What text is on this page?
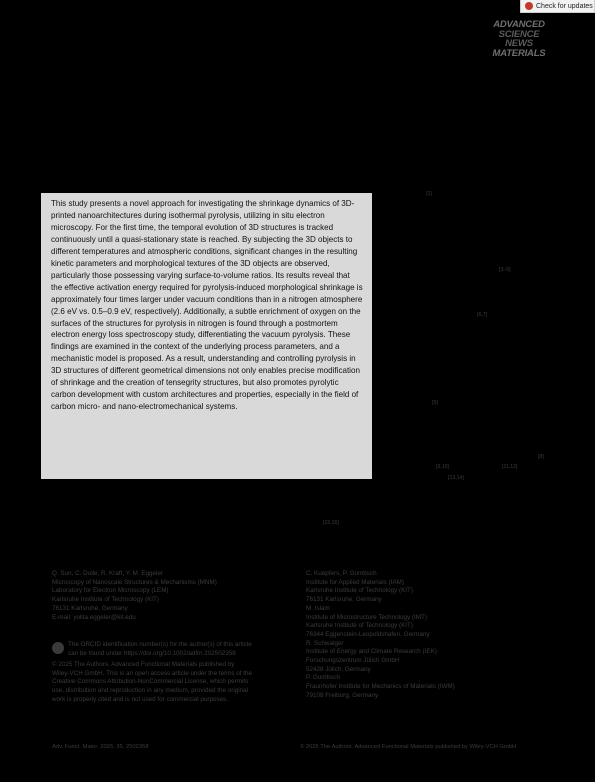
Check for updates
ADVANCED
SCIENCE NEWS
MATERIALS
This study presents a novel approach for investigating the shrinkage dynamics of 3D-printed nanoarchitectures during isothermal pyrolysis, utilizing in situ electron microscopy. For the first time, the temporal evolution of 3D structures is tracked continuously until a quasi-stationary state is reached. By subjecting the 3D objects to different temperatures and atmospheric conditions, significant changes in the resulting kinetic parameters and morphological textures of the 3D objects are observed, particularly those possessing varying surface-to-volume ratios. Its results reveal that the effective activation energy required for pyrolysis-induced morphological shrinkage is approximately four times larger under vacuum conditions than in a nitrogen atmosphere (2.6 eV vs. 0.5–0.9 eV, respectively). Additionally, a subtle enrichment of oxygen on the surfaces of the structures for pyrolysis in nitrogen is found through a postmortem electron energy loss spectroscopy study, differentiating the vacuum pyrolysis. These findings are examined in the context of the underlying process parameters, and a mechanistic model is proposed. As a result, understanding and controlling pyrolysis in 3D structures of different geometrical dimensions not only enables precise modification of shrinkage and the creation of tensegrity structures, but also promotes pyrolytic carbon development with custom architectures and properties, especially in the field of carbon micro- and nano-electromechanical systems.
[1]
[3–5]
[6,7]
[9]
[8]
[9,10]	[11,12]
[13,14]
[15,16]
Q. Sun, C. Dolle, R. Kraft, Y. M. Eggeler
Microscopy of Nanoscale Structures & Mechanisms (MNM)
Laboratory for Electron Microscopy (LEM)
Karlsruhe Institute of Technology (KIT)
76131 Karlsruhe, Germany
E-mail: yolita.eggeler@kit.edu
The ORCID identification number(s) for the author(s) of this article
can be found under https://doi.org/10.1002/adfm.202502358
© 2025 The Authors. Advanced Functional Materials published by
Wiley-VCH GmbH. This is an open access article under the terms of the
Creative Commons Attribution-NonCommercial License, which permits
use, distribution and reproduction in any medium, provided the original
work is properly cited and is not used for commercial purposes.
C. Kuepfers, P. Gumbsch
Institute for Applied Materials (IAM)
Karlsruhe Institute of Technology (KIT)
76131 Karlsruhe, Germany
M. Islam
Institute of Microstructure Technology (IMT)
Karlsruhe Institute of Technology (KIT)
76344 Eggenstein-Leopoldshafen, Germany
R. Schwaiger
Institute of Energy and Climate Research (IEK)
Forschungszentrum Jülich GmbH
52428 Jülich, Germany
P. Gumbsch
Fraunhofer Institute for Mechanics of Materials (IWM)
79108 Freiburg, Germany
Adv. Funct. Mater. 2025, 35, 2502358	© 2025 The Authors. Advanced Functional Materials published by Wiley-VCH GmbH
